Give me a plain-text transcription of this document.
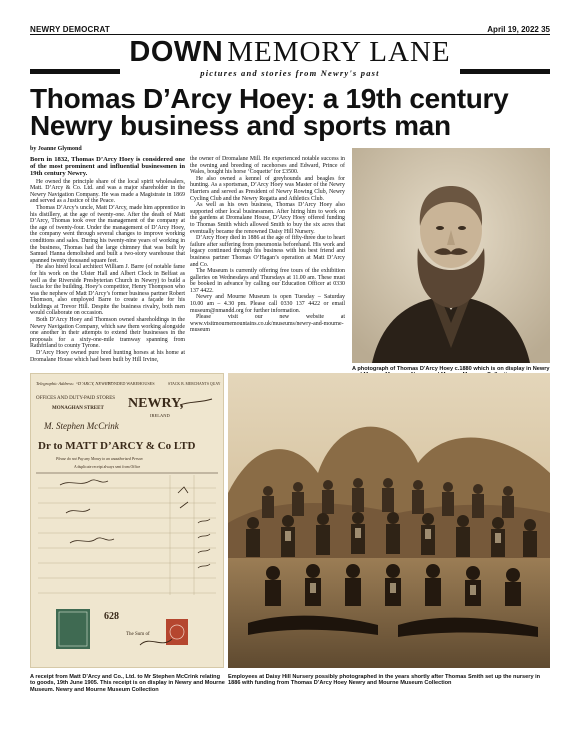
NEWRY DEMOCRAT	April 19, 2022 35
DOWN MEMORY LANE
pictures and stories from Newry's past
Thomas D’Arcy Hoey: a 19th century Newry business and sports man
by Joanne Glymond

Born in 1832, Thomas D’Arcy Hoey is considered one of the most prominent and influential businessmen in 19th century Newry.

He owned the principle share of the local spirit wholesalers, Matt. D’Arcy & Co. Ltd. and was a major shareholder in the Newry Navigation Company. He was made a Magistrate in 1869 and served as a Justice of the Peace.

Thomas D’Arcy’s uncle, Matt D’Arcy, made him apprentice in his distillery, at the age of twenty-one. After the death of Matt D’Arcy, Thomas took over the management of the company at the age of twenty-four. Under the management of D’Arcy Hoey, the company went through several changes to improve working conditions and sales. During his twenty-nine years of working in the business, Thomas had the large chimney that was built by Samuel Hanna demolished and built a two-story warehouse that spanned twenty thousand square feet.

He also hired local architect William J. Barre (of notable fame for his work on the Ulster Hall and Albert Clock in Belfast as well as the Riverside Presbyterian Church in Newry) to build a fascia for the building. Hoey’s competitor, Henry Thompson who was the nephew of Matt D’Arcy’s former business partner Robert Thomson, also employed Barre to create a façade for his buildings at Trevor Hill. Despite the business rivalry, both men would collaborate on occasion.

Both D’Arcy Hoey and Thomson owned shareholdings in the Newry Navigation Company, which saw them working alongside one another in their attempts to extend their businesses in the proposals for a sixty-one-mile tramway spanning from Rathfriland to county Tyrone.

D’Arcy Hoey owned pure bred hunting horses at his home at Dromalane House which had been built by Hill Irvine,

the owner of Dromalane Mill. He experienced notable success in the owning and breeding of racehorses and Edward, Prince of Wales, bought his horse ‘Coquette’ for £3500.

He also owned a kennel of greyhounds and beagles for hunting. As a sportsman, D’Arcy Hoey was Master of the Newry Harriers and served as President of Newry Rowing Club, Newry Cycling Club and the Newry Regatta and Athletics Club.

As well as his own business, Thomas D’Arcy Hoey also supported other local businessmen. After hiring him to work on the gardens at Dromalane House, D’Arcy Hoey offered funding to Thomas Smith which allowed Smith to buy the six acres that eventually became the renowned Daisy Hill Nursery.

D’Arcy Hoey died in 1886 at the age of fifty-three due to heart failure after suffering from pneumonia beforehand. His work and legacy continued through his business with his best friend and business partner Thomas O’Hagan’s operation at Matt D’Arcy and Co.

The Museum is currently offering free tours of the exhibition galleries on Wednesdays and Thursdays at 11.00 am. These must be booked in advance by calling our Education Officer at 0330 137 4422.

Newry and Mourne Museum is open Tuesday – Saturday 10.00 am – 4.30 pm. Please call 0330 137 4422 or email museum@nmandd.org for further information.

Please visit our new website at www.visitmournemountains.co.uk/museums/newry-and-mourne-museum

A photograph of Thomas D’Arcy Hoey c.1880 which is on display in Newry
Telegraphic Address: “D’ARCY, NEWRY”
BONDED WAREHOUSES	STACK B. MERCHANTS QUAY
OFFICES AND DUTY-PAID STORES
MONAGHAN STREET NEWRY,
IRELAND
M. Stephen McCrink
Dr to MATT D’ARCY & Co LTD
Please do not Pay any Money to an unauthorised Person
A duplicate receipt always sent from Office
628
The Sum of
A receipt from Matt D’Arcy and Co., Ltd. to Mr Stephen McCrink relating to goods, 19th June 1905. This receipt is on display in Newry and Mourne Museum. Newry and Mourne Museum Collection
Employees at Daisy Hill Nursery possibly photographed in the years shortly after Thomas Smith set up the nursery in 1886 with funding from Thomas D’Arcy Hoey Newry and Mourne Museum Collection
